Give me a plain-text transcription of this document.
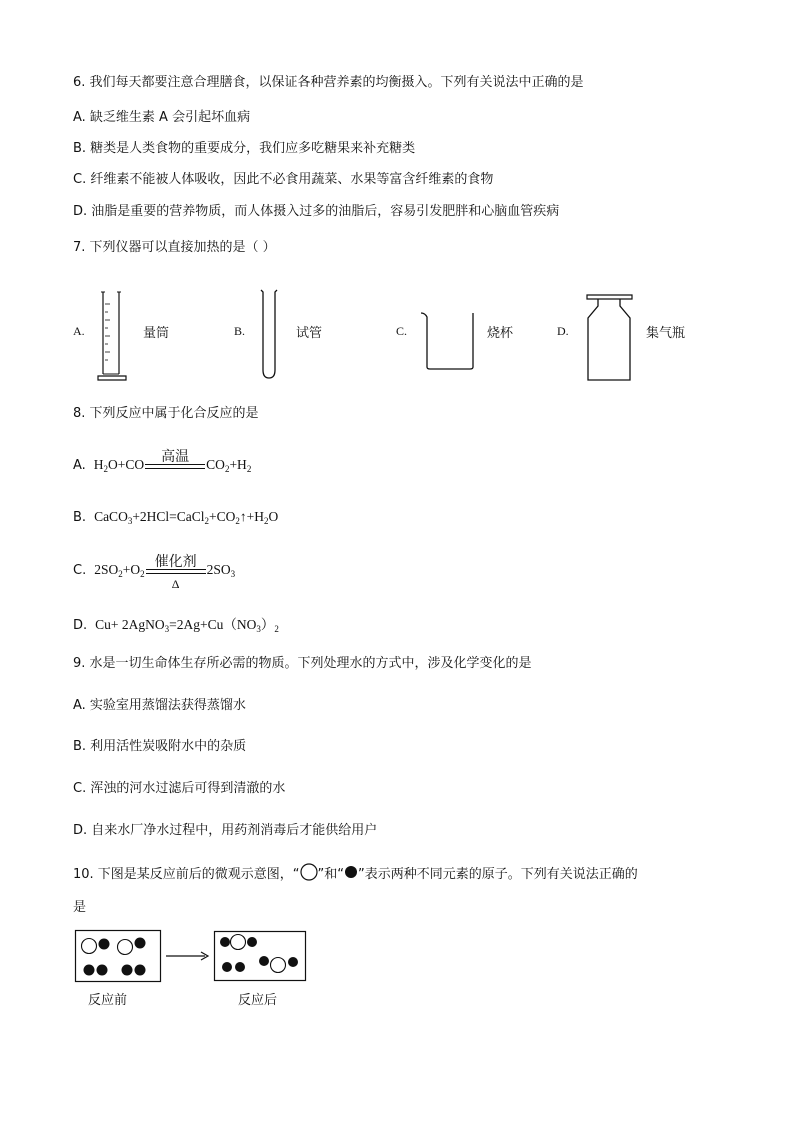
6. 我们每天都要注意合理膳食，以保证各种营养素的均衡摄入。下列有关说法中正确的是
A. 缺乏维生素 A 会引起坏血病
B. 糖类是人类食物的重要成分，我们应多吃糖果来补充糖类
C. 纤维素不能被人体吸收，因此不必食用蔬菜、水果等富含纤维素的食物
D. 油脂是重要的营养物质，而人体摄入过多的油脂后，容易引发肥胖和心脑血管疾病
7. 下列仪器可以直接加热的是（ ）
A.	量筒	B.	试管	C.	烧杯	D.	集气瓶
8. 下列反应中属于化合反应的是
A. $H_2O+CO$	高温	$CO_2+H_2$
B. $CaCO_3+2HCl=CaCl_2+CO_2↑+H_2O$
C. $2SO_2+O_2$
催化剂
Δ
$2SO_3$
D. $Cu+ 2AgNO_3=2Ag+Cu(NO_3)_2$
9. 水是一切生命体生存所必需的物质。下列处理水的方式中，涉及化学变化的是
A. 实验室用蒸馏法获得蒸馏水
B. 利用活性炭吸附水中的杂质
C. 浑浊的河水过滤后可得到清澈的水
D. 自来水厂净水过程中，用药剂消毒后才能供给用户
10. 下图是某反应前后的微观示意图，“ ”和“ ”表示两种不同元素的原子。下列有关说法正确的
是
反应前	反应后
